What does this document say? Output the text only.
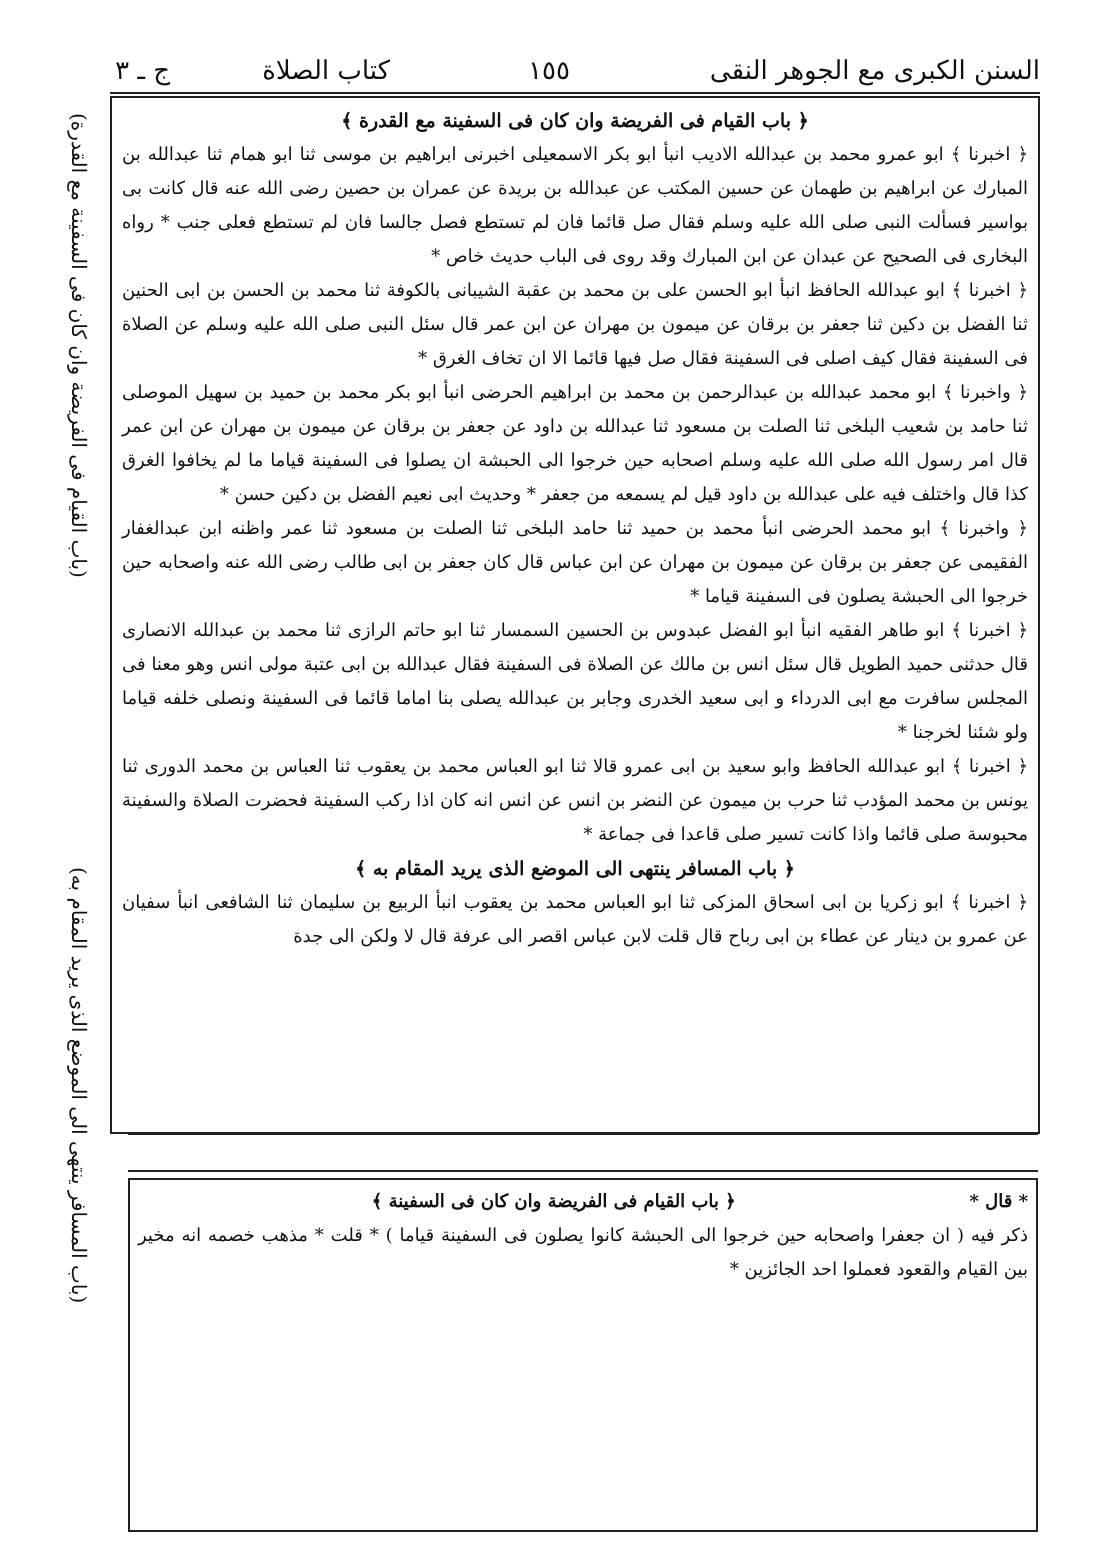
السنن الكبرى مع الجوهر النقى
١٥٥
كتاب الصلاة
ج ـ ٣
(باب القيام فى الفريضة وان كان فى السفينة مع القدرة)
(باب المسافر ينتهى الى الموضع الذى يريد المقام به)

﴿ باب القيام فى الفريضة وان كان فى السفينة مع القدرة ﴾

﴿ اخبرنا ﴾ ابو عمرو محمد بن عبدالله الاديب انبأ ابو بكر الاسمعيلى اخبرنى ابراهيم بن موسى ثنا ابو همام ثنا عبدالله بن المبارك عن ابراهيم بن طهمان عن حسين المكتب عن عبدالله بن بريدة عن عمران بن حصين رضى الله عنه قال كانت بى بواسير فسألت النبى صلى الله عليه وسلم فقال صل قائما فان لم تستطع فصل جالسا فان لم تستطع فعلى جنب * رواه البخارى فى الصحيح عن عبدان عن ابن المبارك وقد روى فى الباب حديث خاص *

﴿ اخبرنا ﴾ ابو عبدالله الحافظ انبأ ابو الحسن على بن محمد بن عقبة الشيبانى بالكوفة ثنا محمد بن الحسن بن ابى الحنين ثنا الفضل بن دكين ثنا جعفر بن برقان عن ميمون بن مهران عن ابن عمر قال سئل النبى صلى الله عليه وسلم عن الصلاة فى السفينة فقال كيف اصلى فى السفينة فقال صل فيها قائما الا ان تخاف الغرق *

﴿ واخبرنا ﴾ ابو محمد عبدالله بن عبدالرحمن بن محمد بن ابراهيم الحرضى انبأ ابو بكر محمد بن حميد بن سهيل الموصلى ثنا حامد بن شعيب البلخى ثنا الصلت بن مسعود ثنا عبدالله بن داود عن جعفر بن برقان عن ميمون بن مهران عن ابن عمر قال امر رسول الله صلى الله عليه وسلم اصحابه حين خرجوا الى الحبشة ان يصلوا فى السفينة قياما ما لم يخافوا الغرق كذا قال واختلف فيه على عبدالله بن داود قيل لم يسمعه من جعفر * وحديث ابى نعيم الفضل بن دكين حسن *

﴿ واخبرنا ﴾ ابو محمد الحرضى انبأ محمد بن حميد ثنا حامد البلخى ثنا الصلت بن مسعود ثنا عمر واظنه ابن عبدالغفار الفقيمى عن جعفر بن برقان عن ميمون بن مهران عن ابن عباس قال كان جعفر بن ابى طالب رضى الله عنه واصحابه حين خرجوا الى الحبشة يصلون فى السفينة قياما *

﴿ اخبرنا ﴾ ابو طاهر الفقيه انبأ ابو الفضل عبدوس بن الحسين السمسار ثنا ابو حاتم الرازى ثنا محمد بن عبدالله الانصارى قال حدثنى حميد الطويل قال سئل انس بن مالك عن الصلاة فى السفينة فقال عبدالله بن ابى عتبة مولى انس وهو معنا فى المجلس سافرت مع ابى الدرداء و ابى سعيد الخدرى وجابر بن عبدالله يصلى بنا اماما قائما فى السفينة ونصلى خلفه قياما ولو شئنا لخرجنا *

﴿ اخبرنا ﴾ ابو عبدالله الحافظ وابو سعيد بن ابى عمرو قالا ثنا ابو العباس محمد بن يعقوب ثنا العباس بن محمد الدورى ثنا يونس بن محمد المؤدب ثنا حرب بن ميمون عن النضر بن انس عن انس انه كان اذا ركب السفينة فحضرت الصلاة والسفينة محبوسة صلى قائما واذا كانت تسير صلى قاعدا فى جماعة *

﴿ باب المسافر ينتهى الى الموضع الذى يريد المقام به ﴾

﴿ اخبرنا ﴾ ابو زكريا بن ابى اسحاق المزكى ثنا ابو العباس محمد بن يعقوب انبأ الربيع بن سليمان ثنا الشافعى انبأ سفيان عن عمرو بن دينار عن عطاء بن ابى رباح قال قلت لابن عباس اقصر الى عرفة قال لا ولكن الى جدة

* قال *
﴿ باب القيام فى الفريضة وان كان فى السفينة ﴾

ذكر فيه ( ان جعفرا واصحابه حين خرجوا الى الحبشة كانوا يصلون فى السفينة قياما ) * قلت * مذهب خصمه انه مخير بين القيام والقعود فعملوا احد الجائزين *
